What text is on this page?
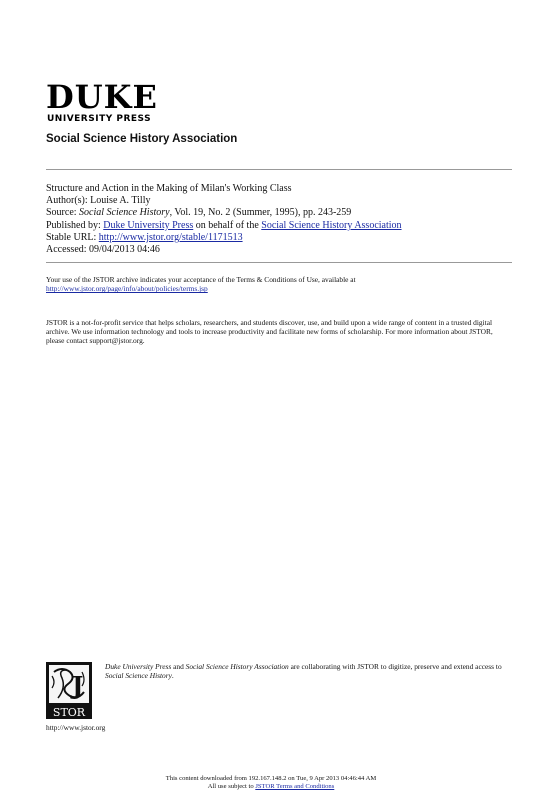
DUKE
UNIVERSITY PRESS
Social Science History Association
Structure and Action in the Making of Milan's Working Class
Author(s): Louise A. Tilly
Source: Social Science History, Vol. 19, No. 2 (Summer, 1995), pp. 243-259
Published by: Duke University Press on behalf of the Social Science History Association
Stable URL: http://www.jstor.org/stable/1171513
Accessed: 09/04/2013 04:46
Your use of the JSTOR archive indicates your acceptance of the Terms & Conditions of Use, available at
http://www.jstor.org/page/info/about/policies/terms.jsp
JSTOR is a not-for-profit service that helps scholars, researchers, and students discover, use, and build upon a wide range of content in a trusted digital archive. We use information technology and tools to increase productivity and facilitate new forms of scholarship. For more information about JSTOR, please contact support@jstor.org.
J
STOR
http://www.jstor.org
Duke University Press and Social Science History Association are collaborating with JSTOR to digitize, preserve and extend access to Social Science History.
This content downloaded from 192.167.148.2 on Tue, 9 Apr 2013 04:46:44 AM
All use subject to JSTOR Terms and Conditions
